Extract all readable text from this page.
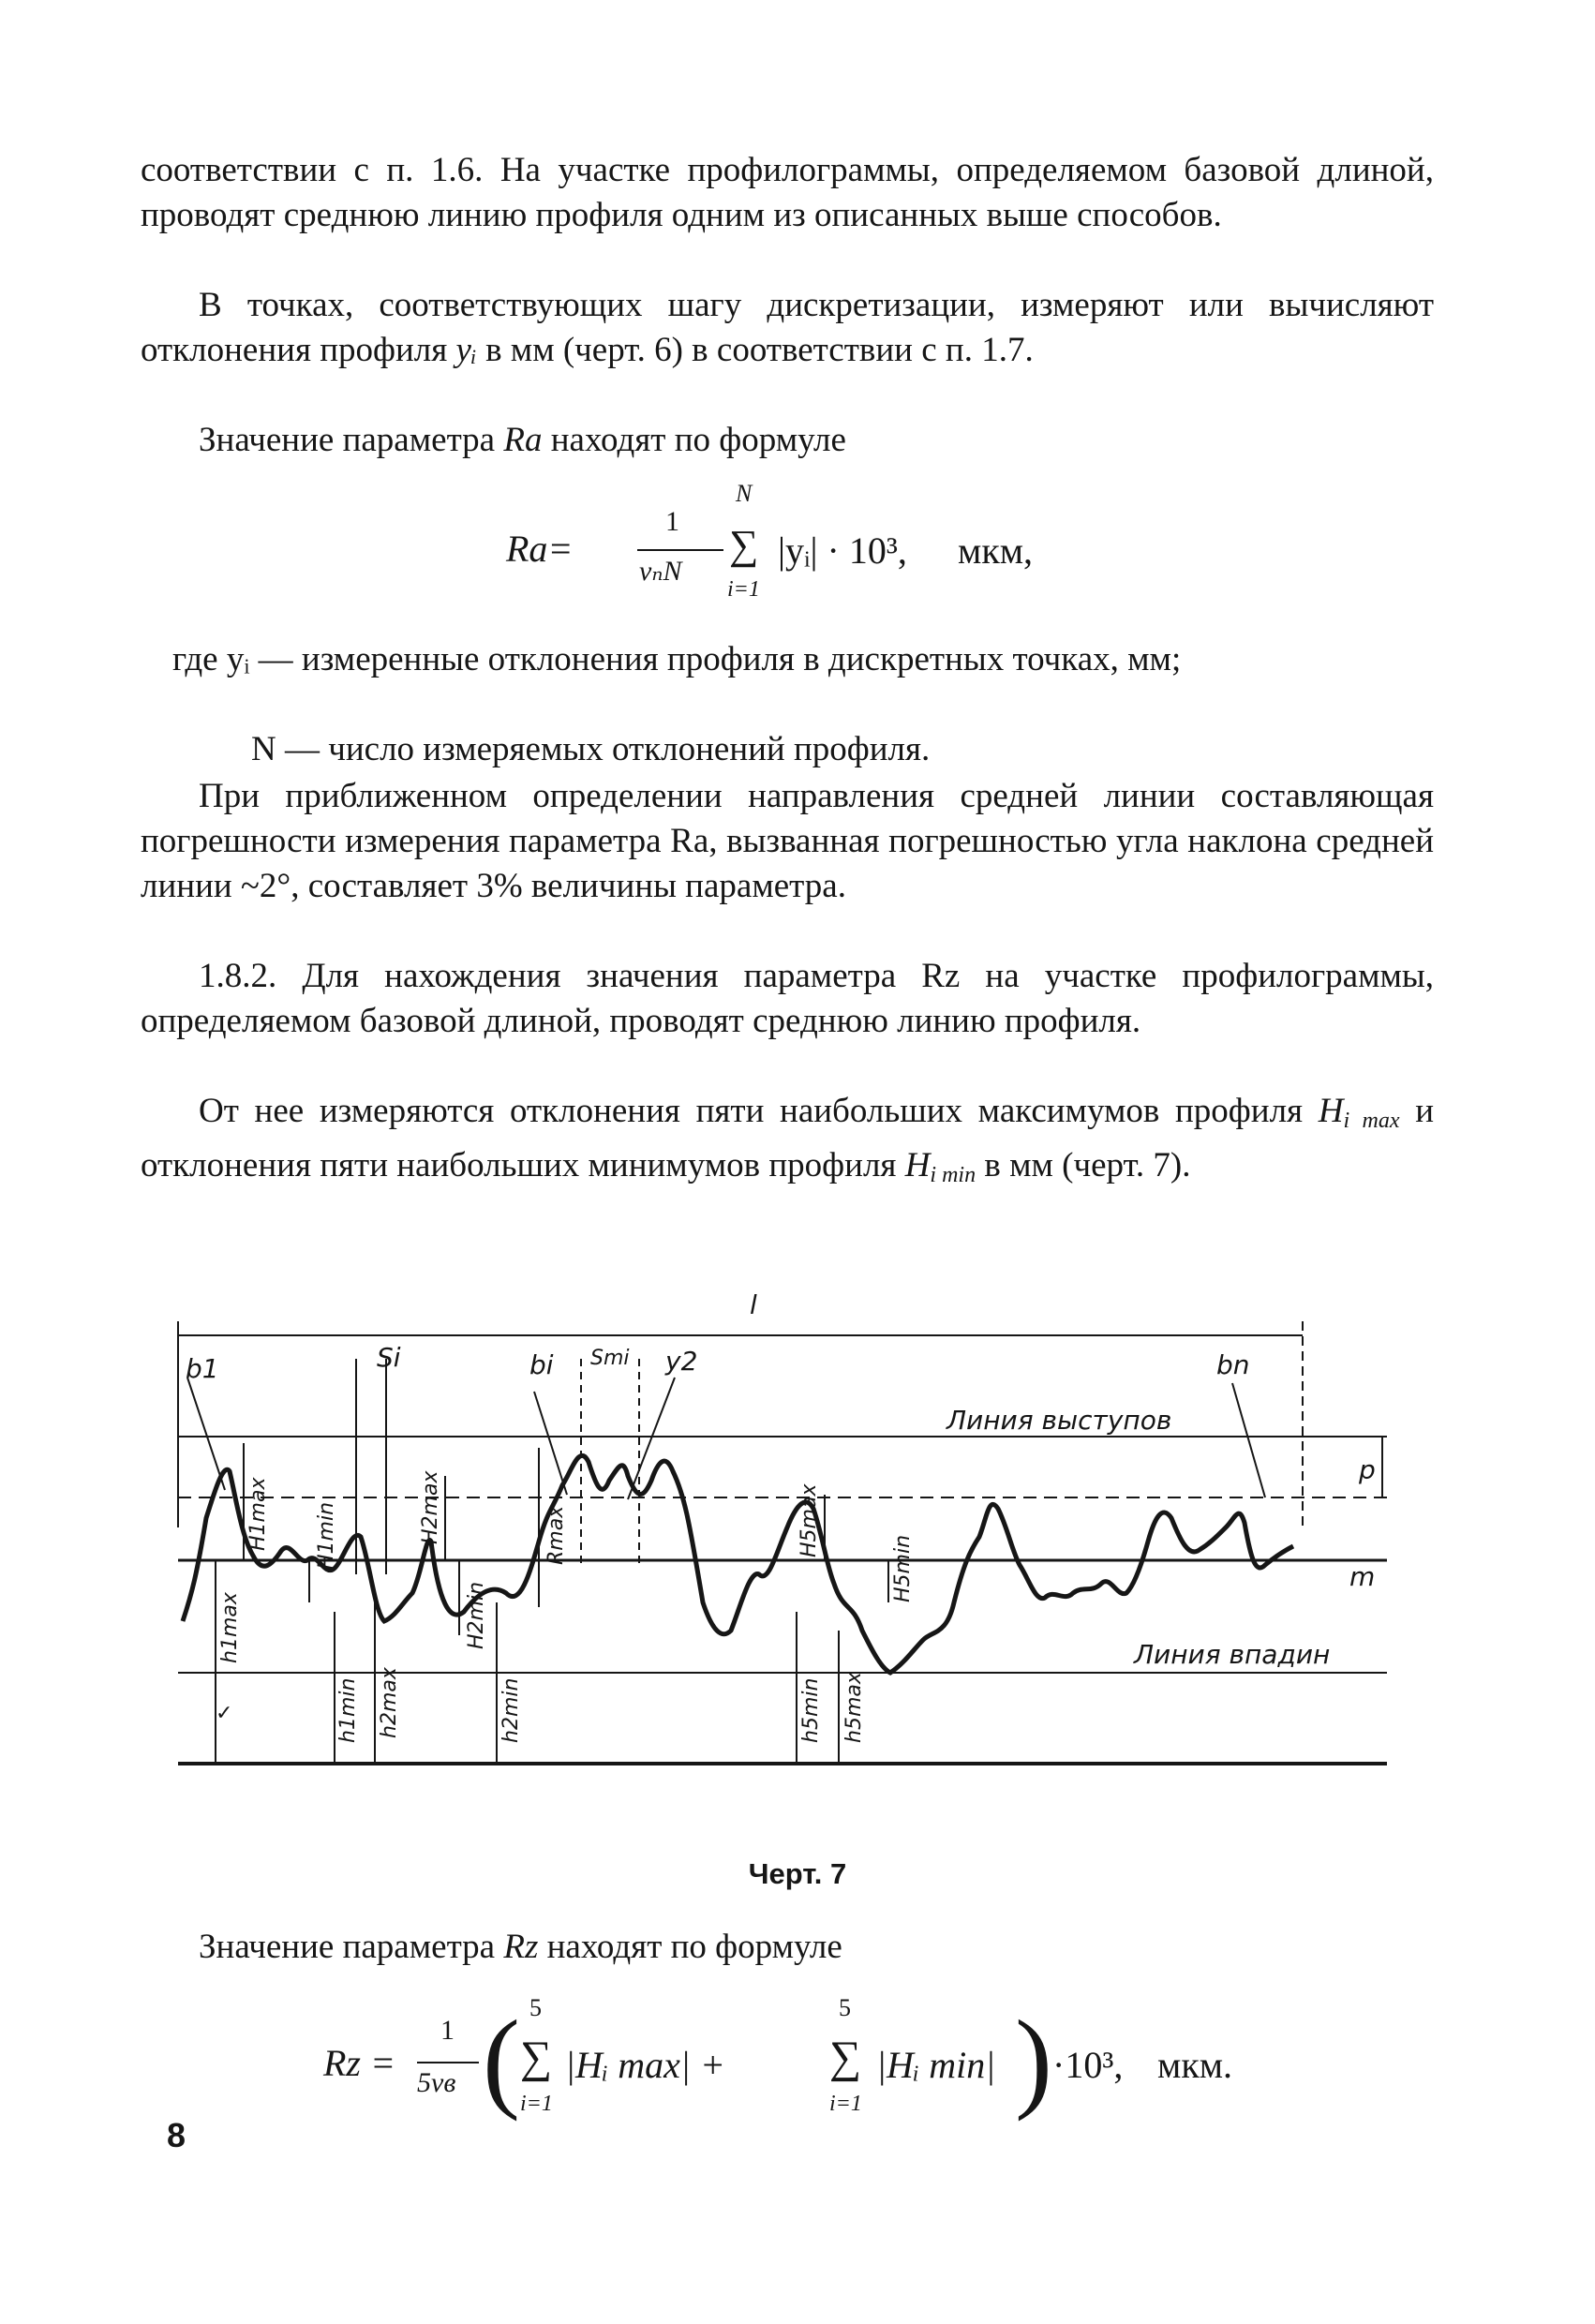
соответствии с п. 1.6. На участке профилограммы, определяемом базовой длиной, проводят среднюю линию профиля одним из описанных выше способов.

В точках, соответствующих шагу дискретизации, измеряют или вычисляют отклонения профиля yᵢ в мм (черт. 6) в соответствии с п. 1.7.

Значение параметра Ra находят по формуле

Ra=
1
vₙN
N
∑
i=1
|yᵢ| · 10³, мкм,
где yᵢ — измеренные отклонения профиля в дискретных точках, мм;
N — число измеряемых отклонений профиля.

При приближенном определении направления средней линии составляющая погрешности измерения параметра Ra, вызванная погрешностью угла наклона средней линии ~2°, составляет 3% величины параметра.

1.8.2. Для нахождения значения параметра Rz на участке профилограммы, определяемом базовой длиной, проводят среднюю линию профиля.

От нее измеряются отклонения пяти наибольших максимумов профиля $H_{i max}$ и отклонения пяти наибольших минимумов профиля $H_{i min}$ в мм (черт. 7).

l
b1	Si	bi Smi y2	bn
Линия выступов
Линия впадин
p
m
H1max H1min	H2max	Rmax	H5max
H5min
H2min
h1max
h1min h2max	h2min	h5min h5max
✓
Черт. 7

Значение параметра Rz находят по формуле

Rz =
1
5vв ( 5
∑
i=1
|Hᵢ max| +
5
∑
i=1
|Hᵢ min| ) ·10³, мкм.
8
